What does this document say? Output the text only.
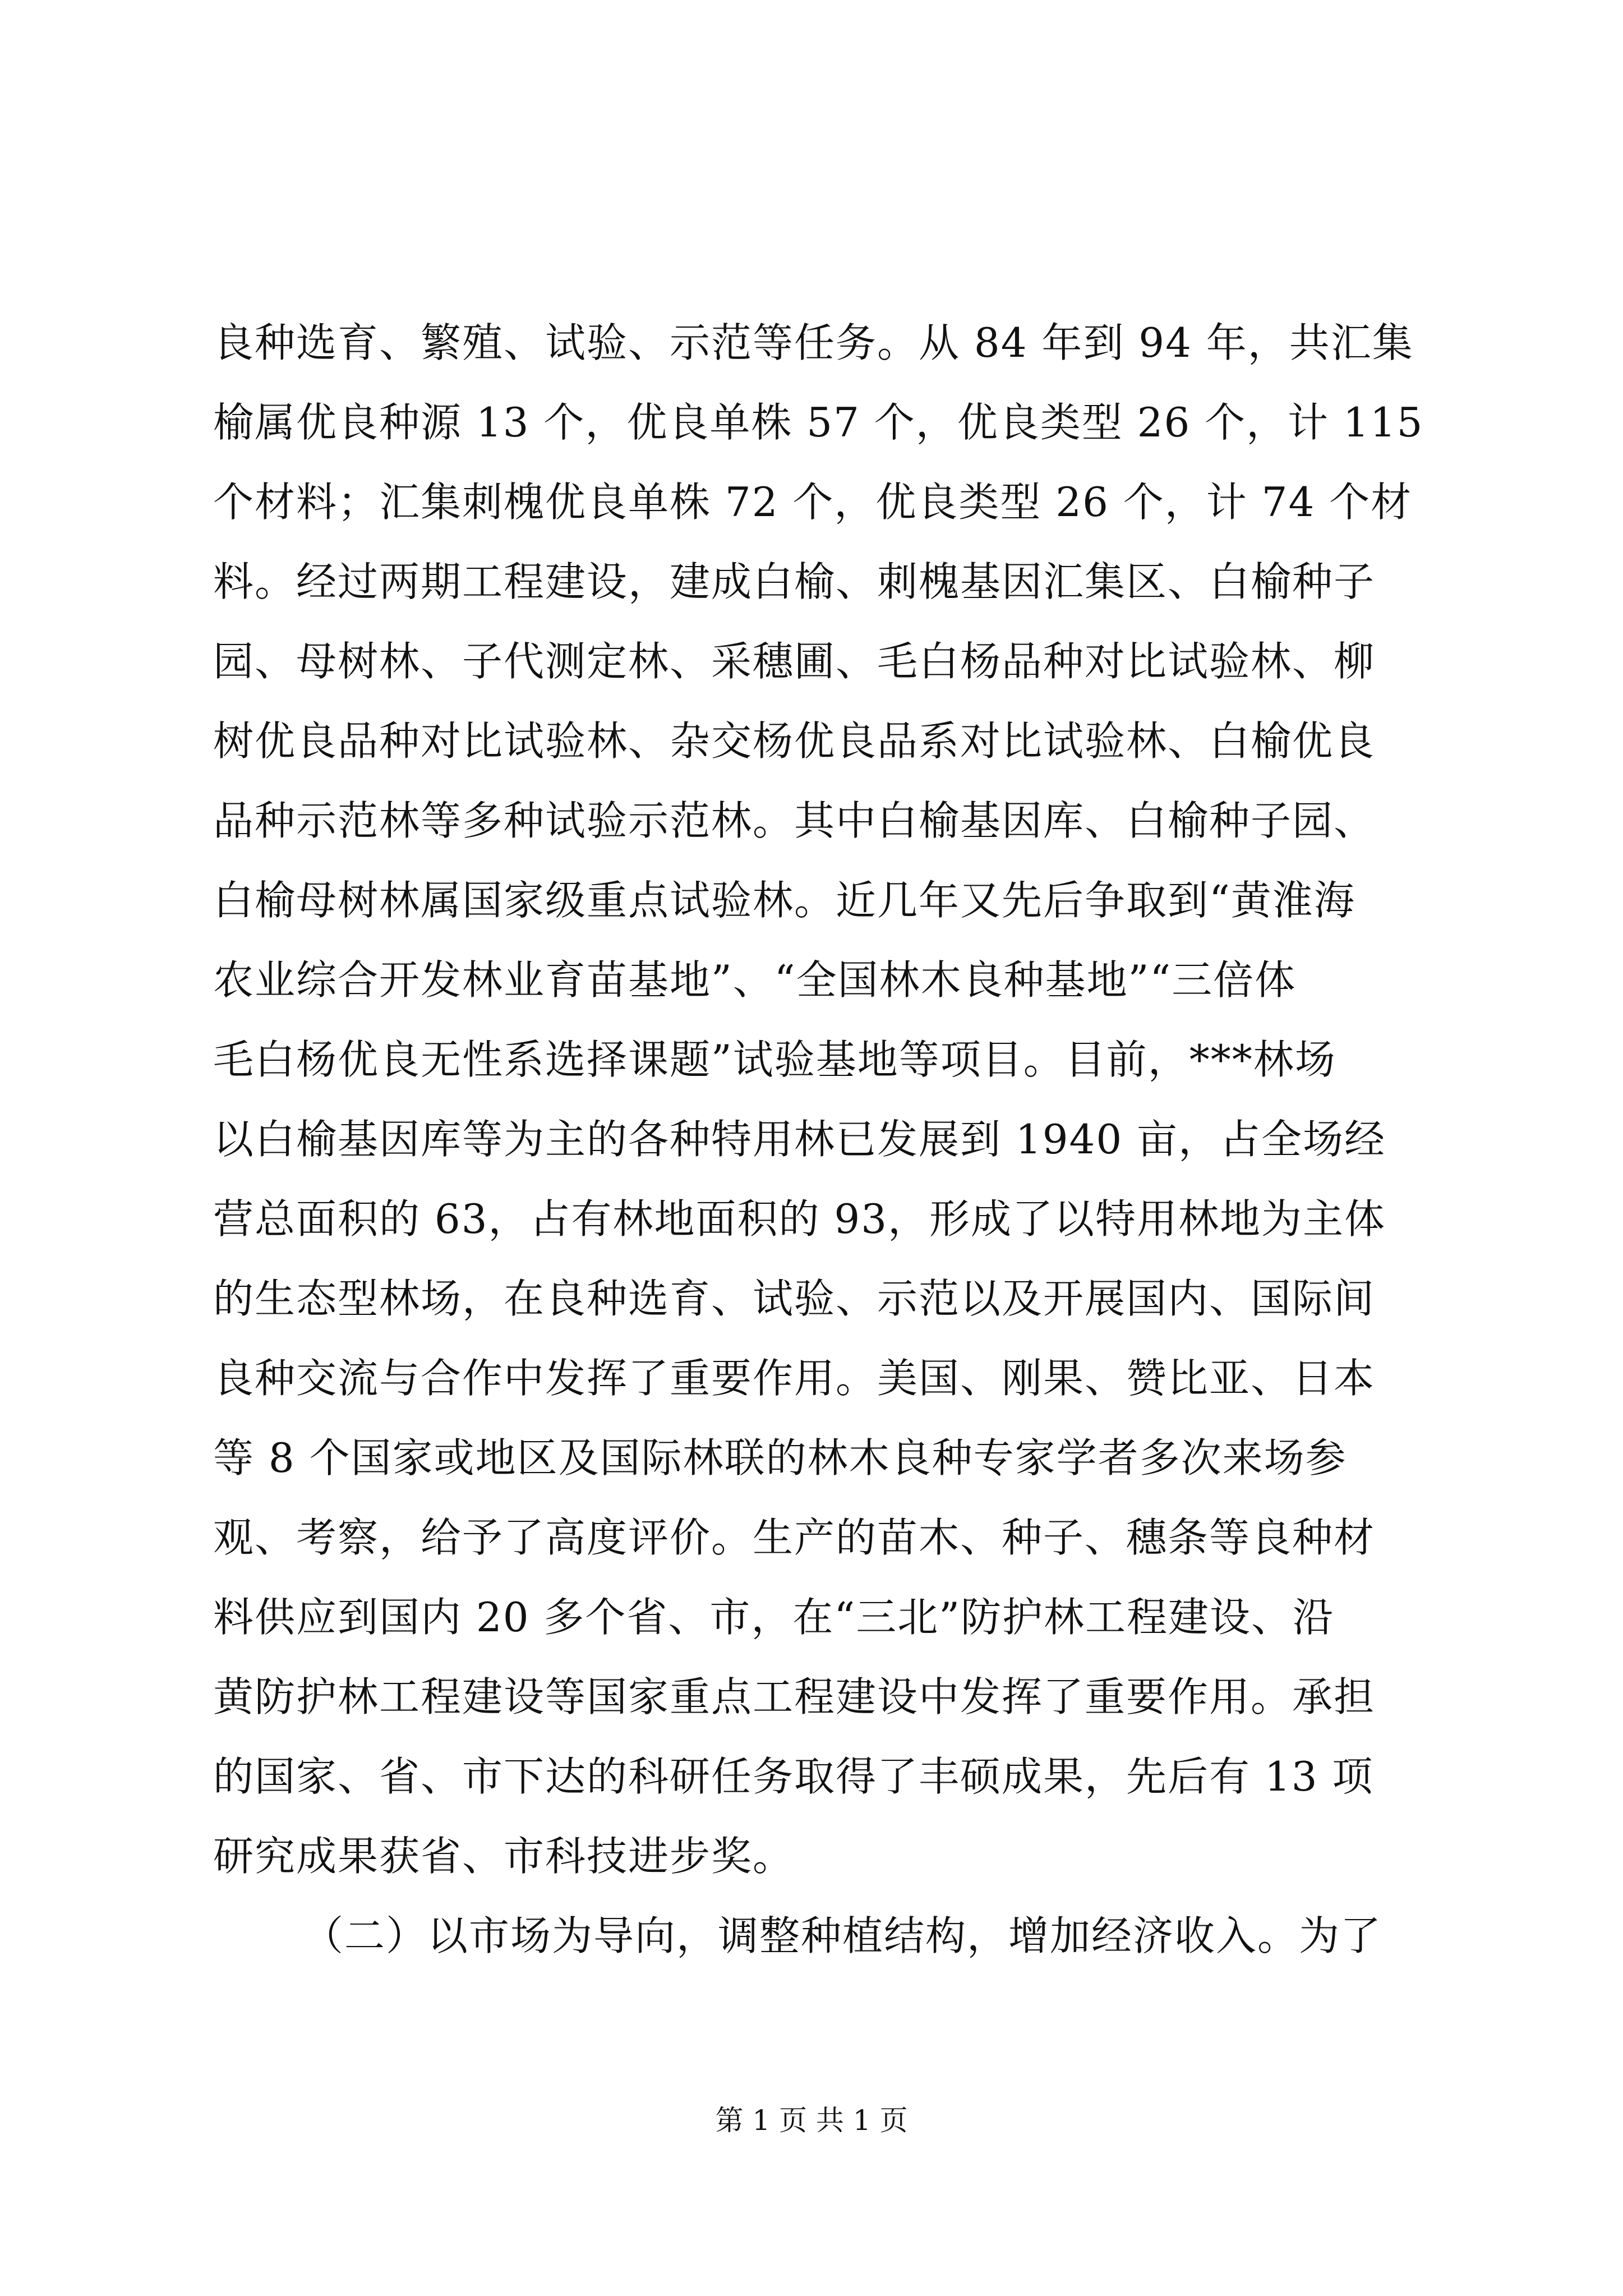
良种选育、繁殖、试验、示范等任务。从 84 年到 94 年，共汇集
榆属优良种源 13 个，优良单株 57 个，优良类型 26 个，计 115
个材料；汇集刺槐优良单株 72 个，优良类型 26 个，计 74 个材
料。经过两期工程建设，建成白榆、刺槐基因汇集区、白榆种子
园、母树林、子代测定林、采穗圃、毛白杨品种对比试验林、柳
树优良品种对比试验林、杂交杨优良品系对比试验林、白榆优良
品种示范林等多种试验示范林。其中白榆基因库、白榆种子园、
白榆母树林属国家级重点试验林。近几年又先后争取到“黄淮海
农业综合开发林业育苗基地”、“全国林木良种基地”“三倍体
毛白杨优良无性系选择课题”试验基地等项目。目前，***林场
以白榆基因库等为主的各种特用林已发展到 1940 亩，占全场经
营总面积的 63，占有林地面积的 93，形成了以特用林地为主体
的生态型林场，在良种选育、试验、示范以及开展国内、国际间
良种交流与合作中发挥了重要作用。美国、刚果、赞比亚、日本
等 8 个国家或地区及国际林联的林木良种专家学者多次来场参
观、考察，给予了高度评价。生产的苗木、种子、穗条等良种材
料供应到国内 20 多个省、市，在“三北”防护林工程建设、沿
黄防护林工程建设等国家重点工程建设中发挥了重要作用。承担
的国家、省、市下达的科研任务取得了丰硕成果，先后有 13 项
研究成果获省、市科技进步奖。
（二）以市场为导向，调整种植结构，增加经济收入。为了
第 1 页 共 1 页
